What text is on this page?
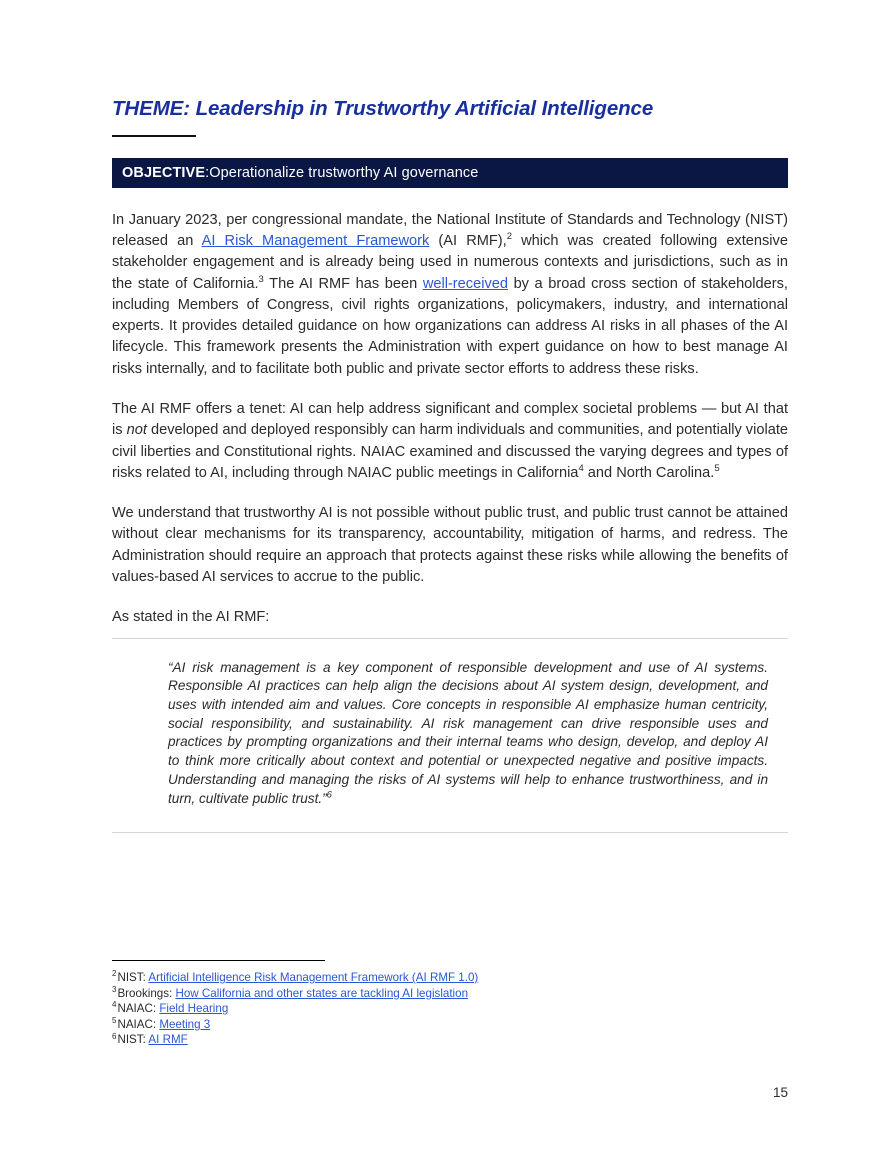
THEME: Leadership in Trustworthy Artificial Intelligence
OBJECTIVE : Operationalize trustworthy AI governance

In January 2023, per congressional mandate, the National Institute of Standards and Technology (NIST) released an AI Risk Management Framework (AI RMF),$^2$ which was created following extensive stakeholder engagement and is already being used in numerous contexts and jurisdictions, such as in the state of California.$^3$ The AI RMF has been well-received by a broad cross section of stakeholders, including Members of Congress, civil rights organizations, policymakers, industry, and international experts. It provides detailed guidance on how organizations can address AI risks in all phases of the AI lifecycle. This framework presents the Administration with expert guidance on how to best manage AI risks internally, and to facilitate both public and private sector efforts to address these risks.

The AI RMF offers a tenet: AI can help address significant and complex societal problems — but AI that is not developed and deployed responsibly can harm individuals and communities, and potentially violate civil liberties and Constitutional rights. NAIAC examined and discussed the varying degrees and types of risks related to AI, including through NAIAC public meetings in California$^4$ and North Carolina.$^5$

We understand that trustworthy AI is not possible without public trust, and public trust cannot be attained without clear mechanisms for its transparency, accountability, mitigation of harms, and redress. The Administration should require an approach that protects against these risks while allowing the benefits of values-based AI services to accrue to the public.

As stated in the AI RMF:

“AI risk management is a key component of responsible development and use of AI systems. Responsible AI practices can help align the decisions about AI system design, development, and uses with intended aim and values. Core concepts in responsible AI emphasize human centricity, social responsibility, and sustainability. AI risk management can drive responsible uses and practices by prompting organizations and their internal teams who design, develop, and deploy AI to think more critically about context and potential or unexpected negative and positive impacts. Understanding and managing the risks of AI systems will help to enhance trustworthiness, and in turn, cultivate public trust.”$^6$
$^2$NIST: Artificial Intelligence Risk Management Framework (AI RMF 1.0)
$^3$Brookings: How California and other states are tackling AI legislation
$^4$NAIAC: Field Hearing
$^5$NAIAC: Meeting 3
$^6$NIST: AI RMF
15
